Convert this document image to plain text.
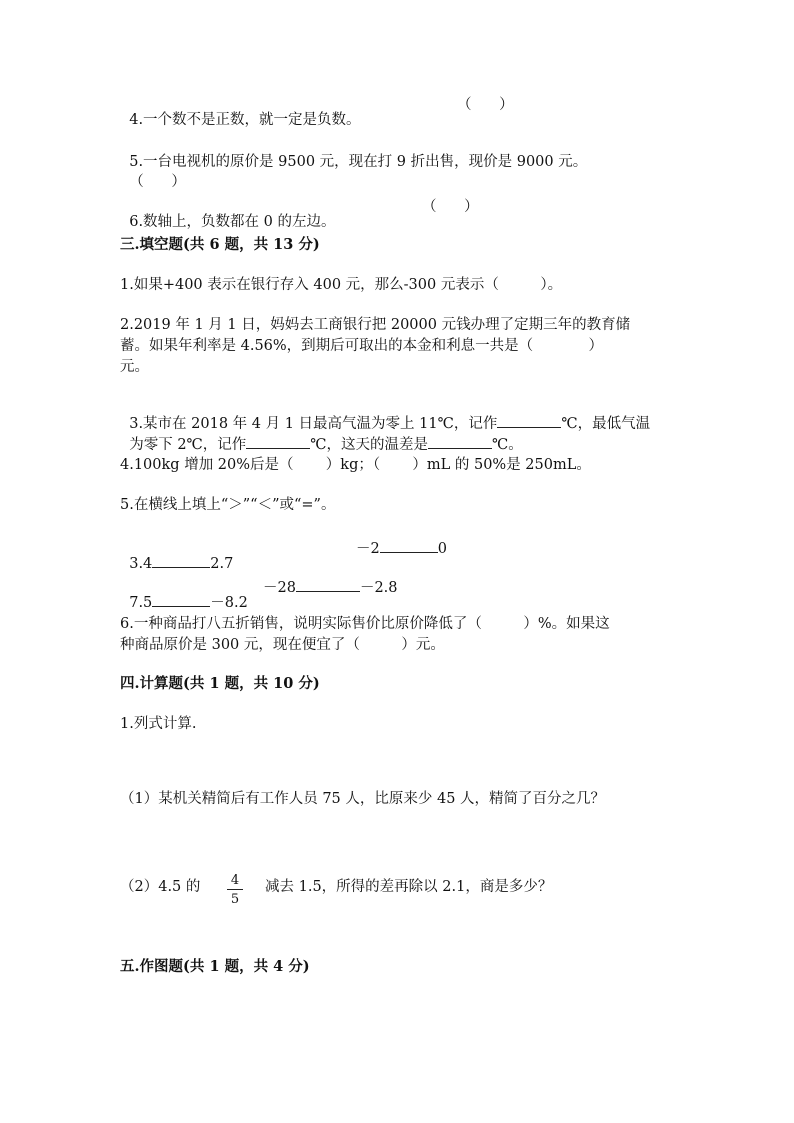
4.一个数不是正数，就一定是负数。

（      ）

5.一台电视机的原价是 9500 元，现在打 9 折出售，现价是 9000 元。

（      ）

6.数轴上，负数都在 0 的左边。

（      ）

三.填空题(共 6 题，共 13 分)
1.如果+400 表示在银行存入 400 元，那么-300 元表示（         ）。
2.2019 年 1 月 1 日，妈妈去工商银行把 20000 元钱办理了定期三年的教育储
蓄。如果年利率是 4.56%，到期后可取出的本金和利息一共是（            ）
元。

3.某市在 2018 年 4 月 1 日最高气温为零上 11℃，记作	℃，最低气温

为零下 2℃，记作	℃，这天的温差是	℃。

4.100kg 增加 20%后是（       ）kg；（       ）mL 的 50%是 250mL。
5.在横线上填上“＞”“＜”或“=”。

3.4	2.7

－2	0

7.5	－8.2

－28	－2.8

6.一种商品打八五折销售，说明实际售价比原价降低了（         ）%。如果这
种商品原价是 300 元，现在便宜了（         ）元。
四.计算题(共 1 题，共 10 分)
1.列式计算.
（1）某机关精简后有工作人员 75 人，比原来少 45 人，精简了百分之几？
（2）4.5 的 $\frac{4}{5}$ 减去 1.5，所得的差再除以 2.1，商是多少？
五.作图题(共 1 题，共 4 分)
